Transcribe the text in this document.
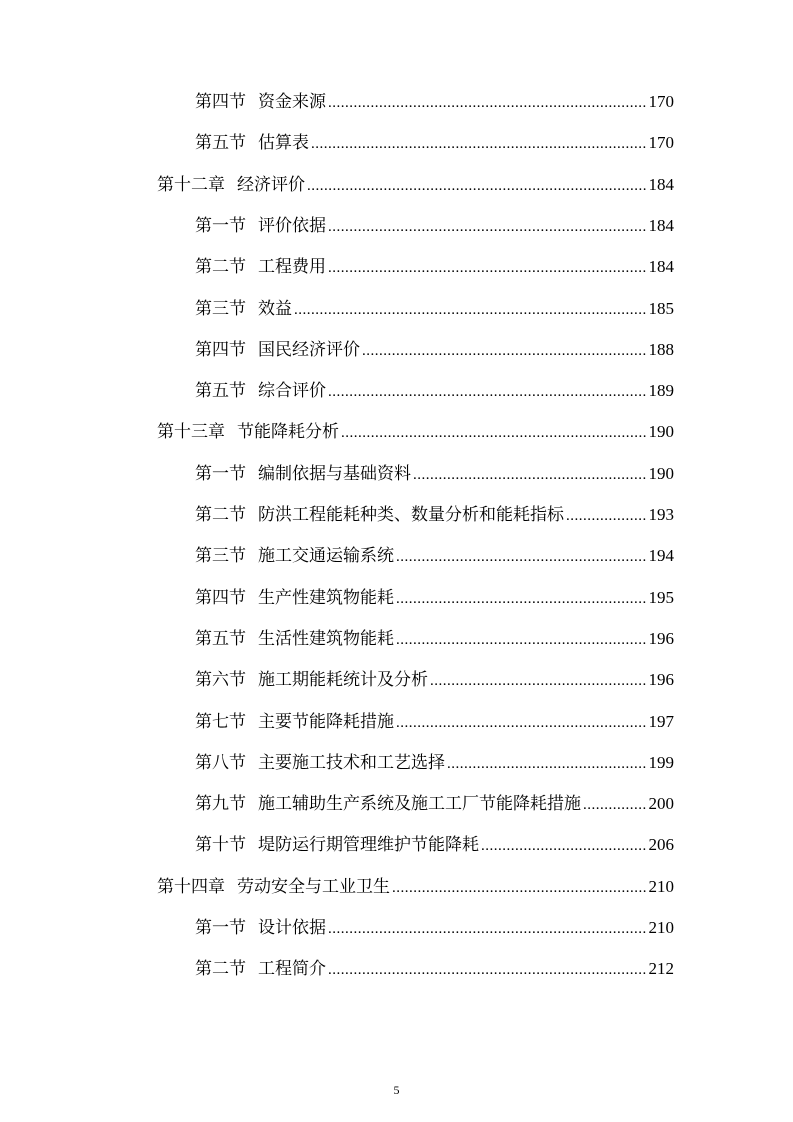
第四节 资金来源 .....	170
第五节 估算表 .....	170
第十二章 经济评价 .....	184
第一节 评价依据 .....	184
第二节 工程费用 .....	184
第三节 效益 .....	185
第四节 国民经济评价 .....	188
第五节 综合评价 .....	189
第十三章 节能降耗分析 .....	190
第一节 编制依据与基础资料 .....	190
第二节 防洪工程能耗种类、数量分析和能耗指标 .....	193
第三节 施工交通运输系统 .....	194
第四节 生产性建筑物能耗 .....	195
第五节 生活性建筑物能耗 .....	196
第六节 施工期能耗统计及分析 .....	196
第七节 主要节能降耗措施 .....	197
第八节 主要施工技术和工艺选择 .....	199
第九节 施工辅助生产系统及施工工厂节能降耗措施 .....	200
第十节 堤防运行期管理维护节能降耗 .....	206
第十四章 劳动安全与工业卫生 .....	210
第一节 设计依据 .....	210
第二节 工程简介 .....	212
5
